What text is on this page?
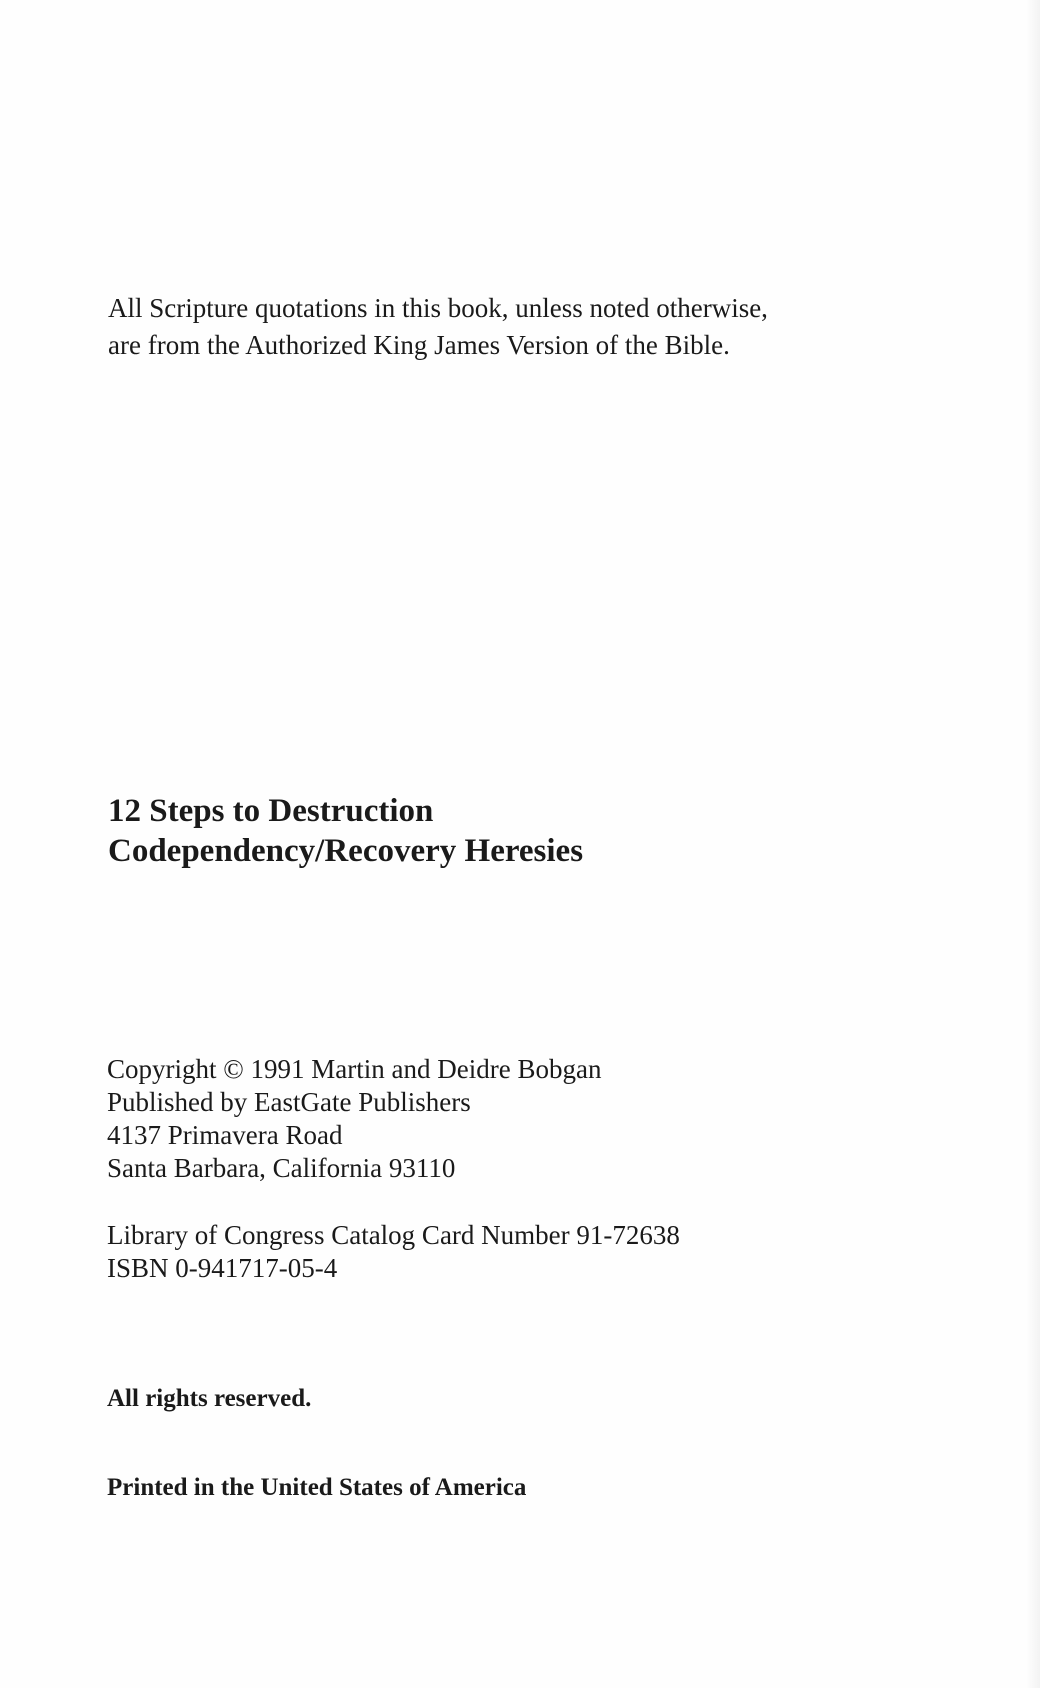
All Scripture quotations in this book, unless noted otherwise,
are from the Authorized King James Version of the Bible.
12 Steps to Destruction
Codependency/Recovery Heresies
Copyright © 1991 Martin and Deidre Bobgan
Published by EastGate Publishers
4137 Primavera Road
Santa Barbara, California 93110
Library of Congress Catalog Card Number 91-72638
ISBN 0-941717-05-4
All rights reserved.
Printed in the United States of America
